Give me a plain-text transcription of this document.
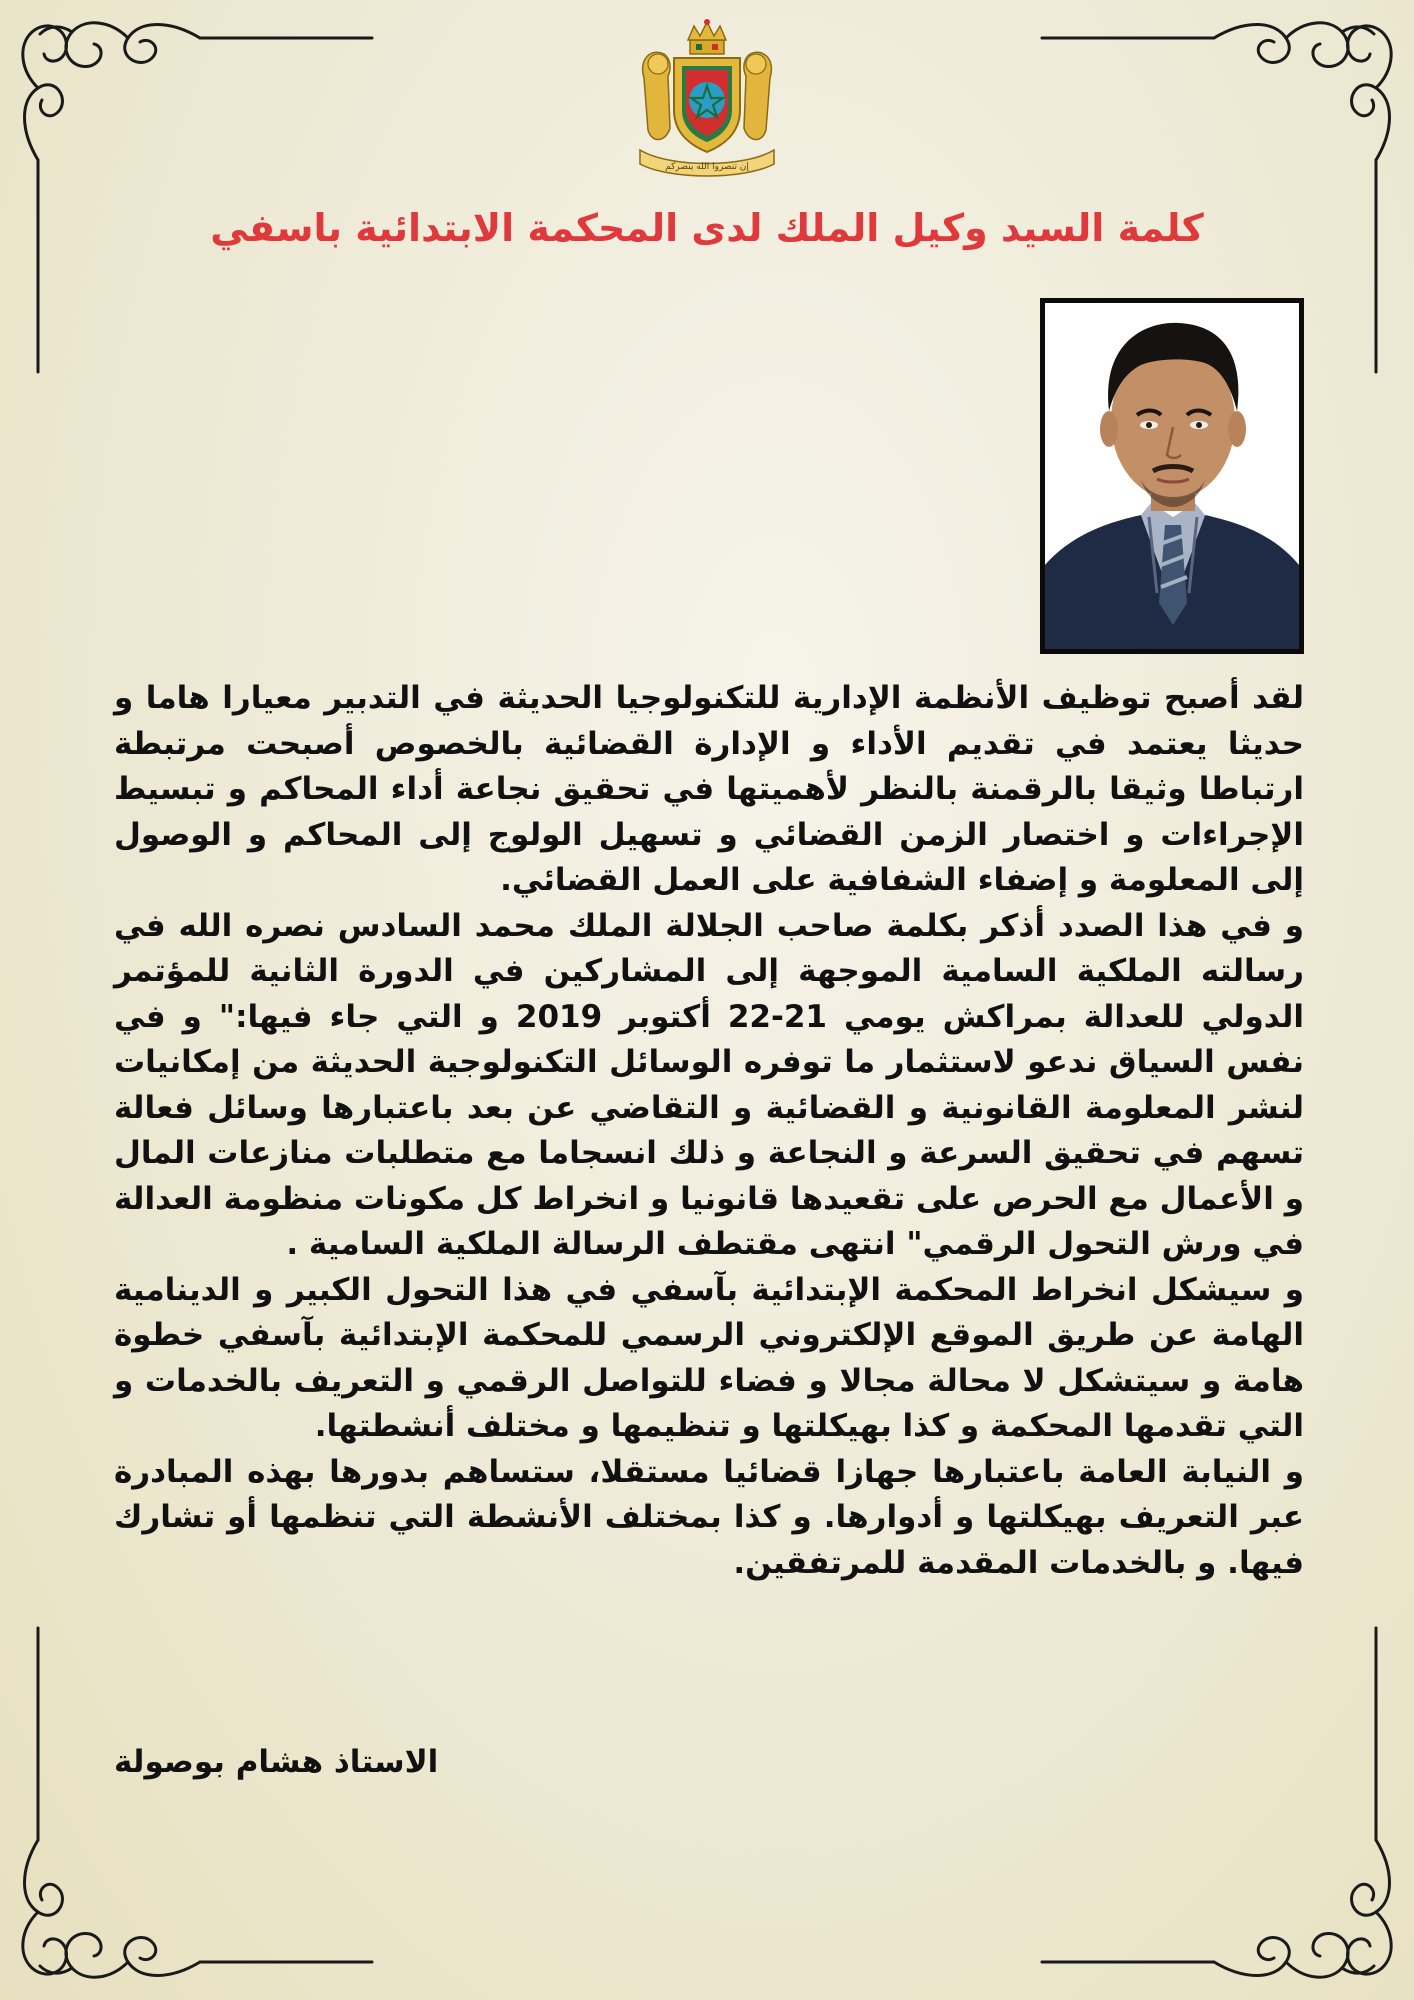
إن تنصروا الله ينصركم
كلمة السيد وكيل الملك لدى المحكمة الابتدائية باسفي

لقد أصبح توظيف الأنظمة الإدارية للتكنولوجيا الحديثة في التدبير معيارا هاما و حديثا يعتمد في تقديم الأداء و الإدارة القضائية بالخصوص أصبحت مرتبطة ارتباطا وثيقا بالرقمنة بالنظر لأهميتها في تحقيق نجاعة أداء المحاكم و تبسيط الإجراءات و اختصار الزمن القضائي و تسهيل الولوج إلى المحاكم و الوصول إلى المعلومة و إضفاء الشفافية على العمل القضائي.

و في هذا الصدد أذكر بكلمة صاحب الجلالة الملك محمد السادس نصره الله في رسالته الملكية السامية الموجهة إلى المشاركين في الدورة الثانية للمؤتمر الدولي للعدالة بمراكش يومي 21-22 أكتوبر 2019 و التي جاء فيها:" و في نفس السياق ندعو لاستثمار ما توفره الوسائل التكنولوجية الحديثة من إمكانيات لنشر المعلومة القانونية و القضائية و التقاضي عن بعد باعتبارها وسائل فعالة تسهم في تحقيق السرعة و النجاعة و ذلك انسجاما مع متطلبات منازعات المال و الأعمال مع الحرص على تقعيدها قانونيا و انخراط كل مكونات منظومة العدالة في ورش التحول الرقمي" انتهى مقتطف الرسالة الملكية السامية .

و سيشكل انخراط المحكمة الإبتدائية بآسفي في هذا التحول الكبير و الدينامية الهامة عن طريق الموقع الإلكتروني الرسمي للمحكمة الإبتدائية بآسفي خطوة هامة و سيتشكل لا محالة مجالا و فضاء للتواصل الرقمي و التعريف بالخدمات و التي تقدمها المحكمة و كذا بهيكلتها و تنظيمها و مختلف أنشطتها.

و النيابة العامة باعتبارها جهازا قضائيا مستقلا، ستساهم بدورها بهذه المبادرة عبر التعريف بهيكلتها و أدوارها. و كذا بمختلف الأنشطة التي تنظمها أو تشارك فيها. و بالخدمات المقدمة للمرتفقين.

الاستاذ هشام بوصولة
